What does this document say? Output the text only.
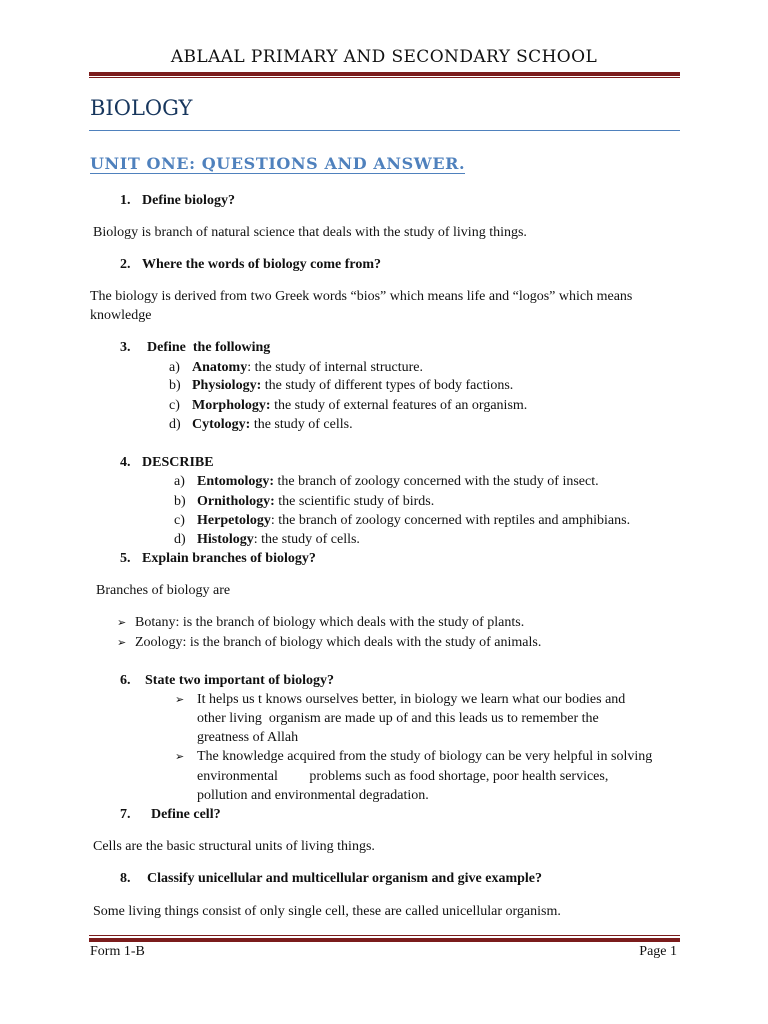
ABLAAL PRIMARY AND SECONDARY SCHOOL
BIOLOGY
UNIT ONE: QUESTIONS AND ANSWER.
1. Define biology?
Biology is branch of natural science that deals with the study of living things.
2. Where the words of biology come from?
The biology is derived from two Greek words “bios” which means life and “logos” which means
knowledge
3. Define  the following
a) Anatomy: the study of internal structure.
b) Physiology: the study of different types of body factions.
c) Morphology: the study of external features of an organism.
d) Cytology: the study of cells.
4. DESCRIBE
a) Entomology: the branch of zoology concerned with the study of insect.
b) Ornithology: the scientific study of birds.
c) Herpetology: the branch of zoology concerned with reptiles and amphibians.
d) Histology: the study of cells.
5. Explain branches of biology?
Branches of biology are
➢ Botany: is the branch of biology which deals with the study of plants.
➢ Zoology: is the branch of biology which deals with the study of animals.
6. State two important of biology?
➢ It helps us t knows ourselves better, in biology we learn what our bodies and
other living  organism are made up of and this leads us to remember the
greatness of Allah
➢ The knowledge acquired from the study of biology can be very helpful in solving
environmental         problems such as food shortage, poor health services,
pollution and environmental degradation.
7. Define cell?
Cells are the basic structural units of living things.
8. Classify unicellular and multicellular organism and give example?
Some living things consist of only single cell, these are called unicellular organism.
Form 1-B	Page 1
